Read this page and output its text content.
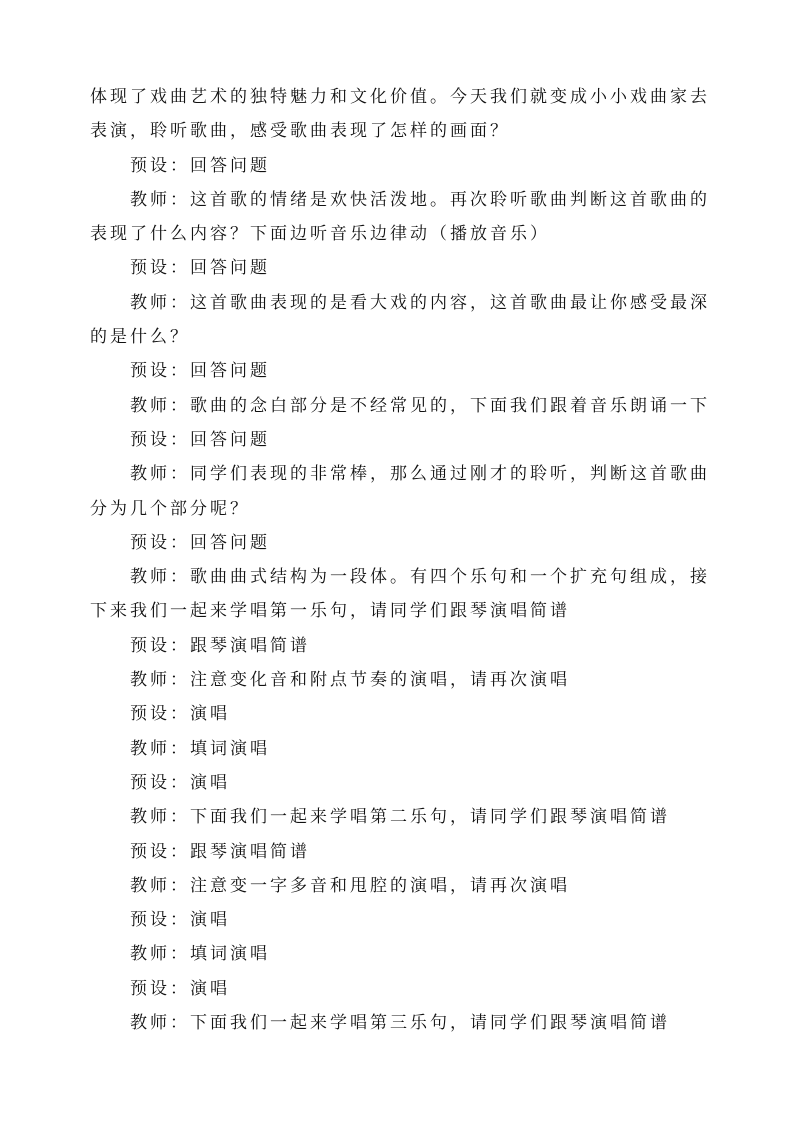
体现了戏曲艺术的独特魅力和文化价值。今天我们就变成小小戏曲家去表演，聆听歌曲，感受歌曲表现了怎样的画面？

预设：回答问题

教师：这首歌的情绪是欢快活泼地。再次聆听歌曲判断这首歌曲的表现了什么内容？下面边听音乐边律动（播放音乐）

预设：回答问题

教师：这首歌曲表现的是看大戏的内容，这首歌曲最让你感受最深的是什么？

预设：回答问题

教师：歌曲的念白部分是不经常见的，下面我们跟着音乐朗诵一下

预设：回答问题

教师：同学们表现的非常棒，那么通过刚才的聆听，判断这首歌曲分为几个部分呢？

预设：回答问题

教师：歌曲曲式结构为一段体。有四个乐句和一个扩充句组成，接下来我们一起来学唱第一乐句，请同学们跟琴演唱简谱

预设：跟琴演唱简谱

教师：注意变化音和附点节奏的演唱，请再次演唱

预设：演唱

教师：填词演唱

预设：演唱

教师：下面我们一起来学唱第二乐句，请同学们跟琴演唱简谱

预设：跟琴演唱简谱

教师：注意变一字多音和甩腔的演唱，请再次演唱

预设：演唱

教师：填词演唱

预设：演唱

教师：下面我们一起来学唱第三乐句，请同学们跟琴演唱简谱
